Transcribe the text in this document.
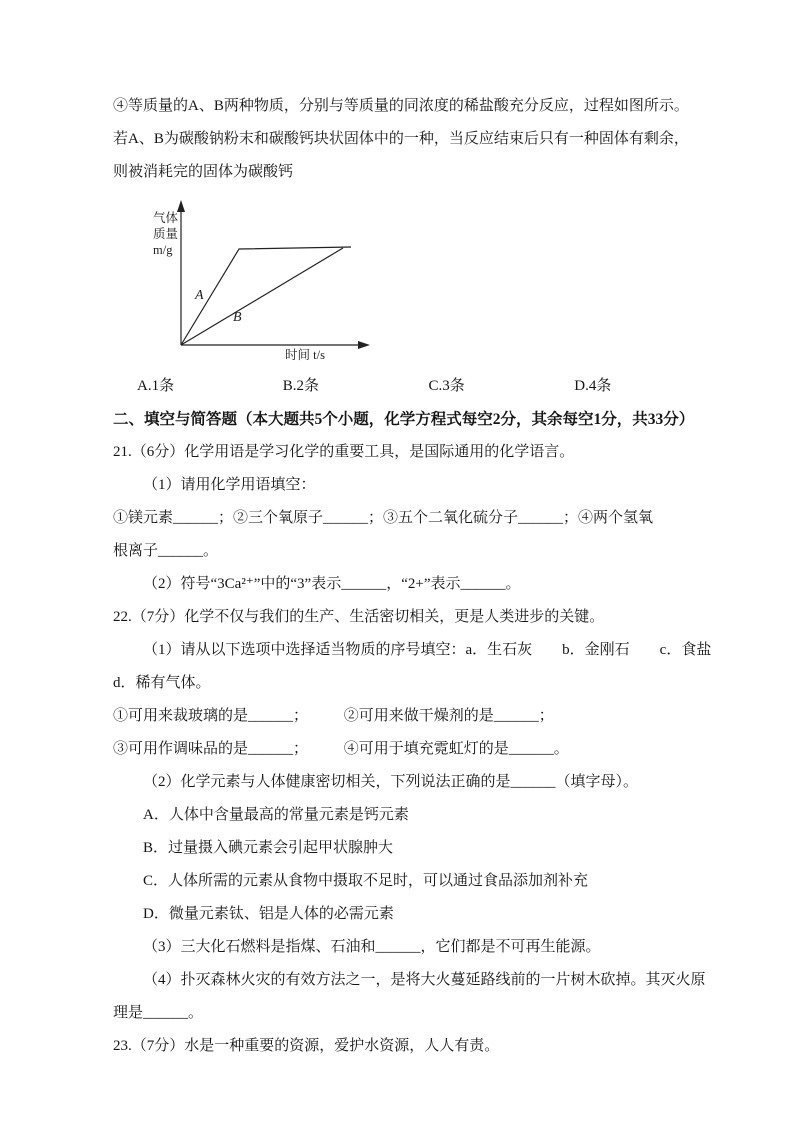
④等质量的A、B两种物质，分别与等质量的同浓度的稀盐酸充分反应，过程如图所示。
若A、B为碳酸钠粉末和碳酸钙块状固体中的一种，当反应结束后只有一种固体有剩余，
则被消耗完的固体为碳酸钙
气体
质量
m/g
时间 t/s
A
B
A.1条	B.2条	C.3条	D.4条
二、填空与简答题（本大题共5个小题，化学方程式每空2分，其余每空1分，共33分）
21.（6分）化学用语是学习化学的重要工具，是国际通用的化学语言。
（1）请用化学用语填空：
①镁元素______；②三个氧原子______；③五个二氧化硫分子______；④两个氢氧
根离子______。
（2）符号“3Ca²⁺”中的“3”表示______，“2+”表示______。
22.（7分）化学不仅与我们的生产、生活密切相关，更是人类进步的关键。
（1）请从以下选项中选择适当物质的序号填空：a．生石灰　　b．金刚石　　c．食盐
d．稀有气体。
①可用来裁玻璃的是______； ②可用来做干燥剂的是______；
③可用作调味品的是______； ④可用于填充霓虹灯的是______。
（2）化学元素与人体健康密切相关，下列说法正确的是______（填字母）。
A．人体中含量最高的常量元素是钙元素
B．过量摄入碘元素会引起甲状腺肿大
C．人体所需的元素从食物中摄取不足时，可以通过食品添加剂补充
D．微量元素钛、铝是人体的必需元素
（3）三大化石燃料是指煤、石油和______，它们都是不可再生能源。
（4）扑灭森林火灾的有效方法之一，是将大火蔓延路线前的一片树木砍掉。其灭火原
理是______。
23.（7分）水是一种重要的资源，爱护水资源，人人有责。
